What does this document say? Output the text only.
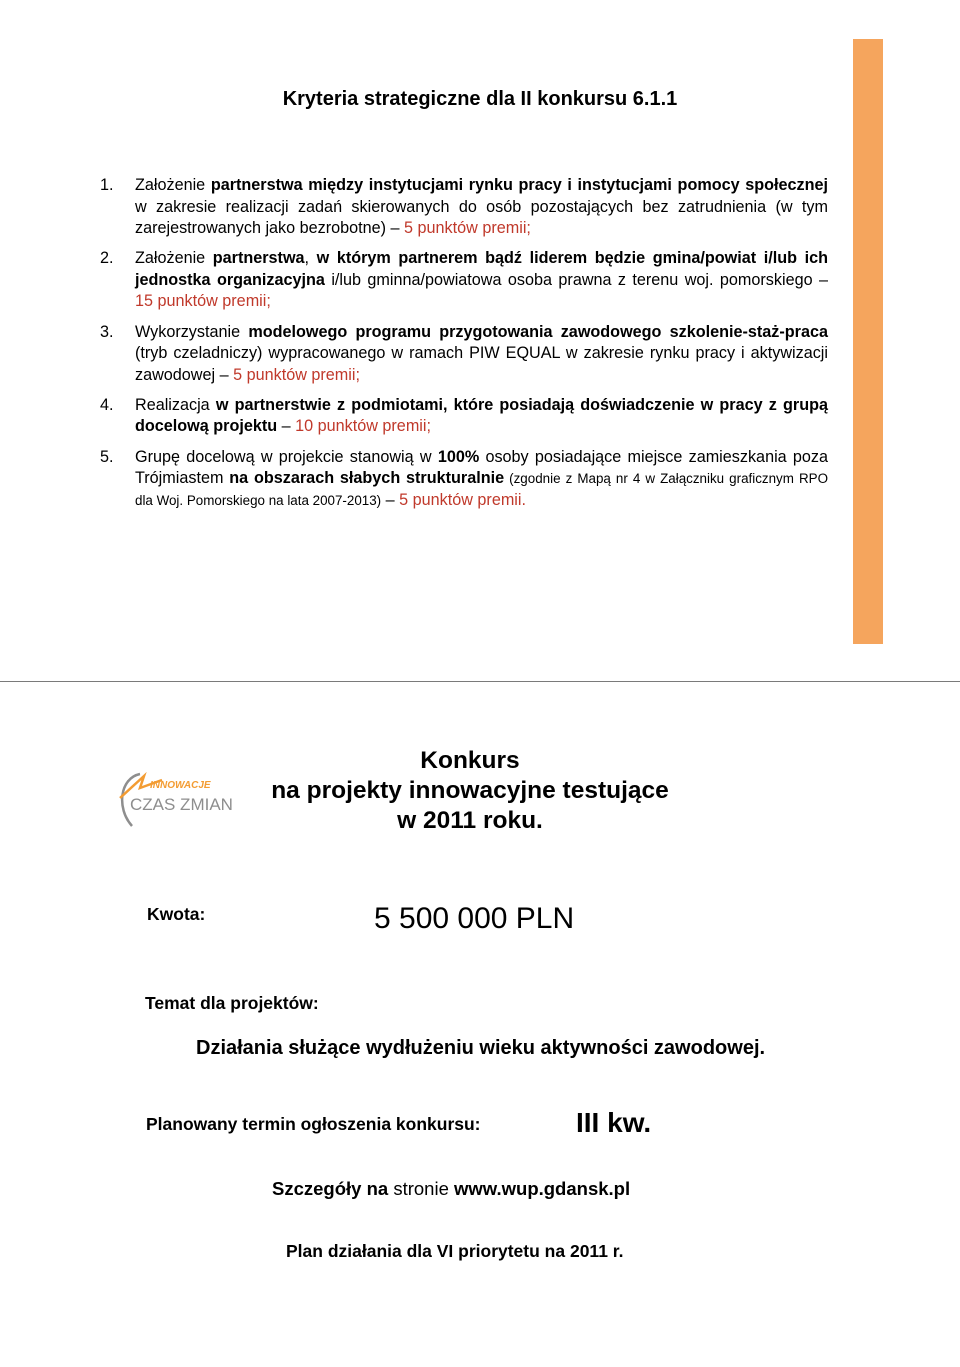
Kryteria strategiczne dla II konkursu 6.1.1
1. Założenie partnerstwa między instytucjami rynku pracy i instytucjami pomocy społecznej w zakresie realizacji zadań skierowanych do osób pozostających bez zatrudnienia (w tym zarejestrowanych jako bezrobotne) – 5 punktów premii;
2. Założenie partnerstwa, w którym partnerem bądź liderem będzie gmina/powiat i/lub ich jednostka organizacyjna i/lub gminna/powiatowa osoba prawna z terenu woj. pomorskiego – 15 punktów premii;
3. Wykorzystanie modelowego programu przygotowania zawodowego szkolenie-staż-praca (tryb czeladniczy) wypracowanego w ramach PIW EQUAL w zakresie rynku pracy i aktywizacji zawodowej – 5 punktów premii;
4. Realizacja w partnerstwie z podmiotami, które posiadają doświadczenie w pracy z grupą docelową projektu – 10 punktów premii;
5. Grupę docelową w projekcie stanowią w 100% osoby posiadające miejsce zamieszkania poza Trójmiastem na obszarach słabych strukturalnie (zgodnie z Mapą nr 4 w Załączniku graficznym RPO dla Woj. Pomorskiego na lata 2007-2013) – 5 punktów premii.
INNOWACJE
CZAS ZMIAN
Konkurs
na projekty innowacyjne testujące
w 2011 roku.
Kwota:	5 500 000 PLN
Temat dla projektów:
Działania służące wydłużeniu wieku aktywności zawodowej.
Planowany termin ogłoszenia konkursu:	III kw.
Szczegóły na stronie www.wup.gdansk.pl
Plan działania dla VI priorytetu na 2011 r.
